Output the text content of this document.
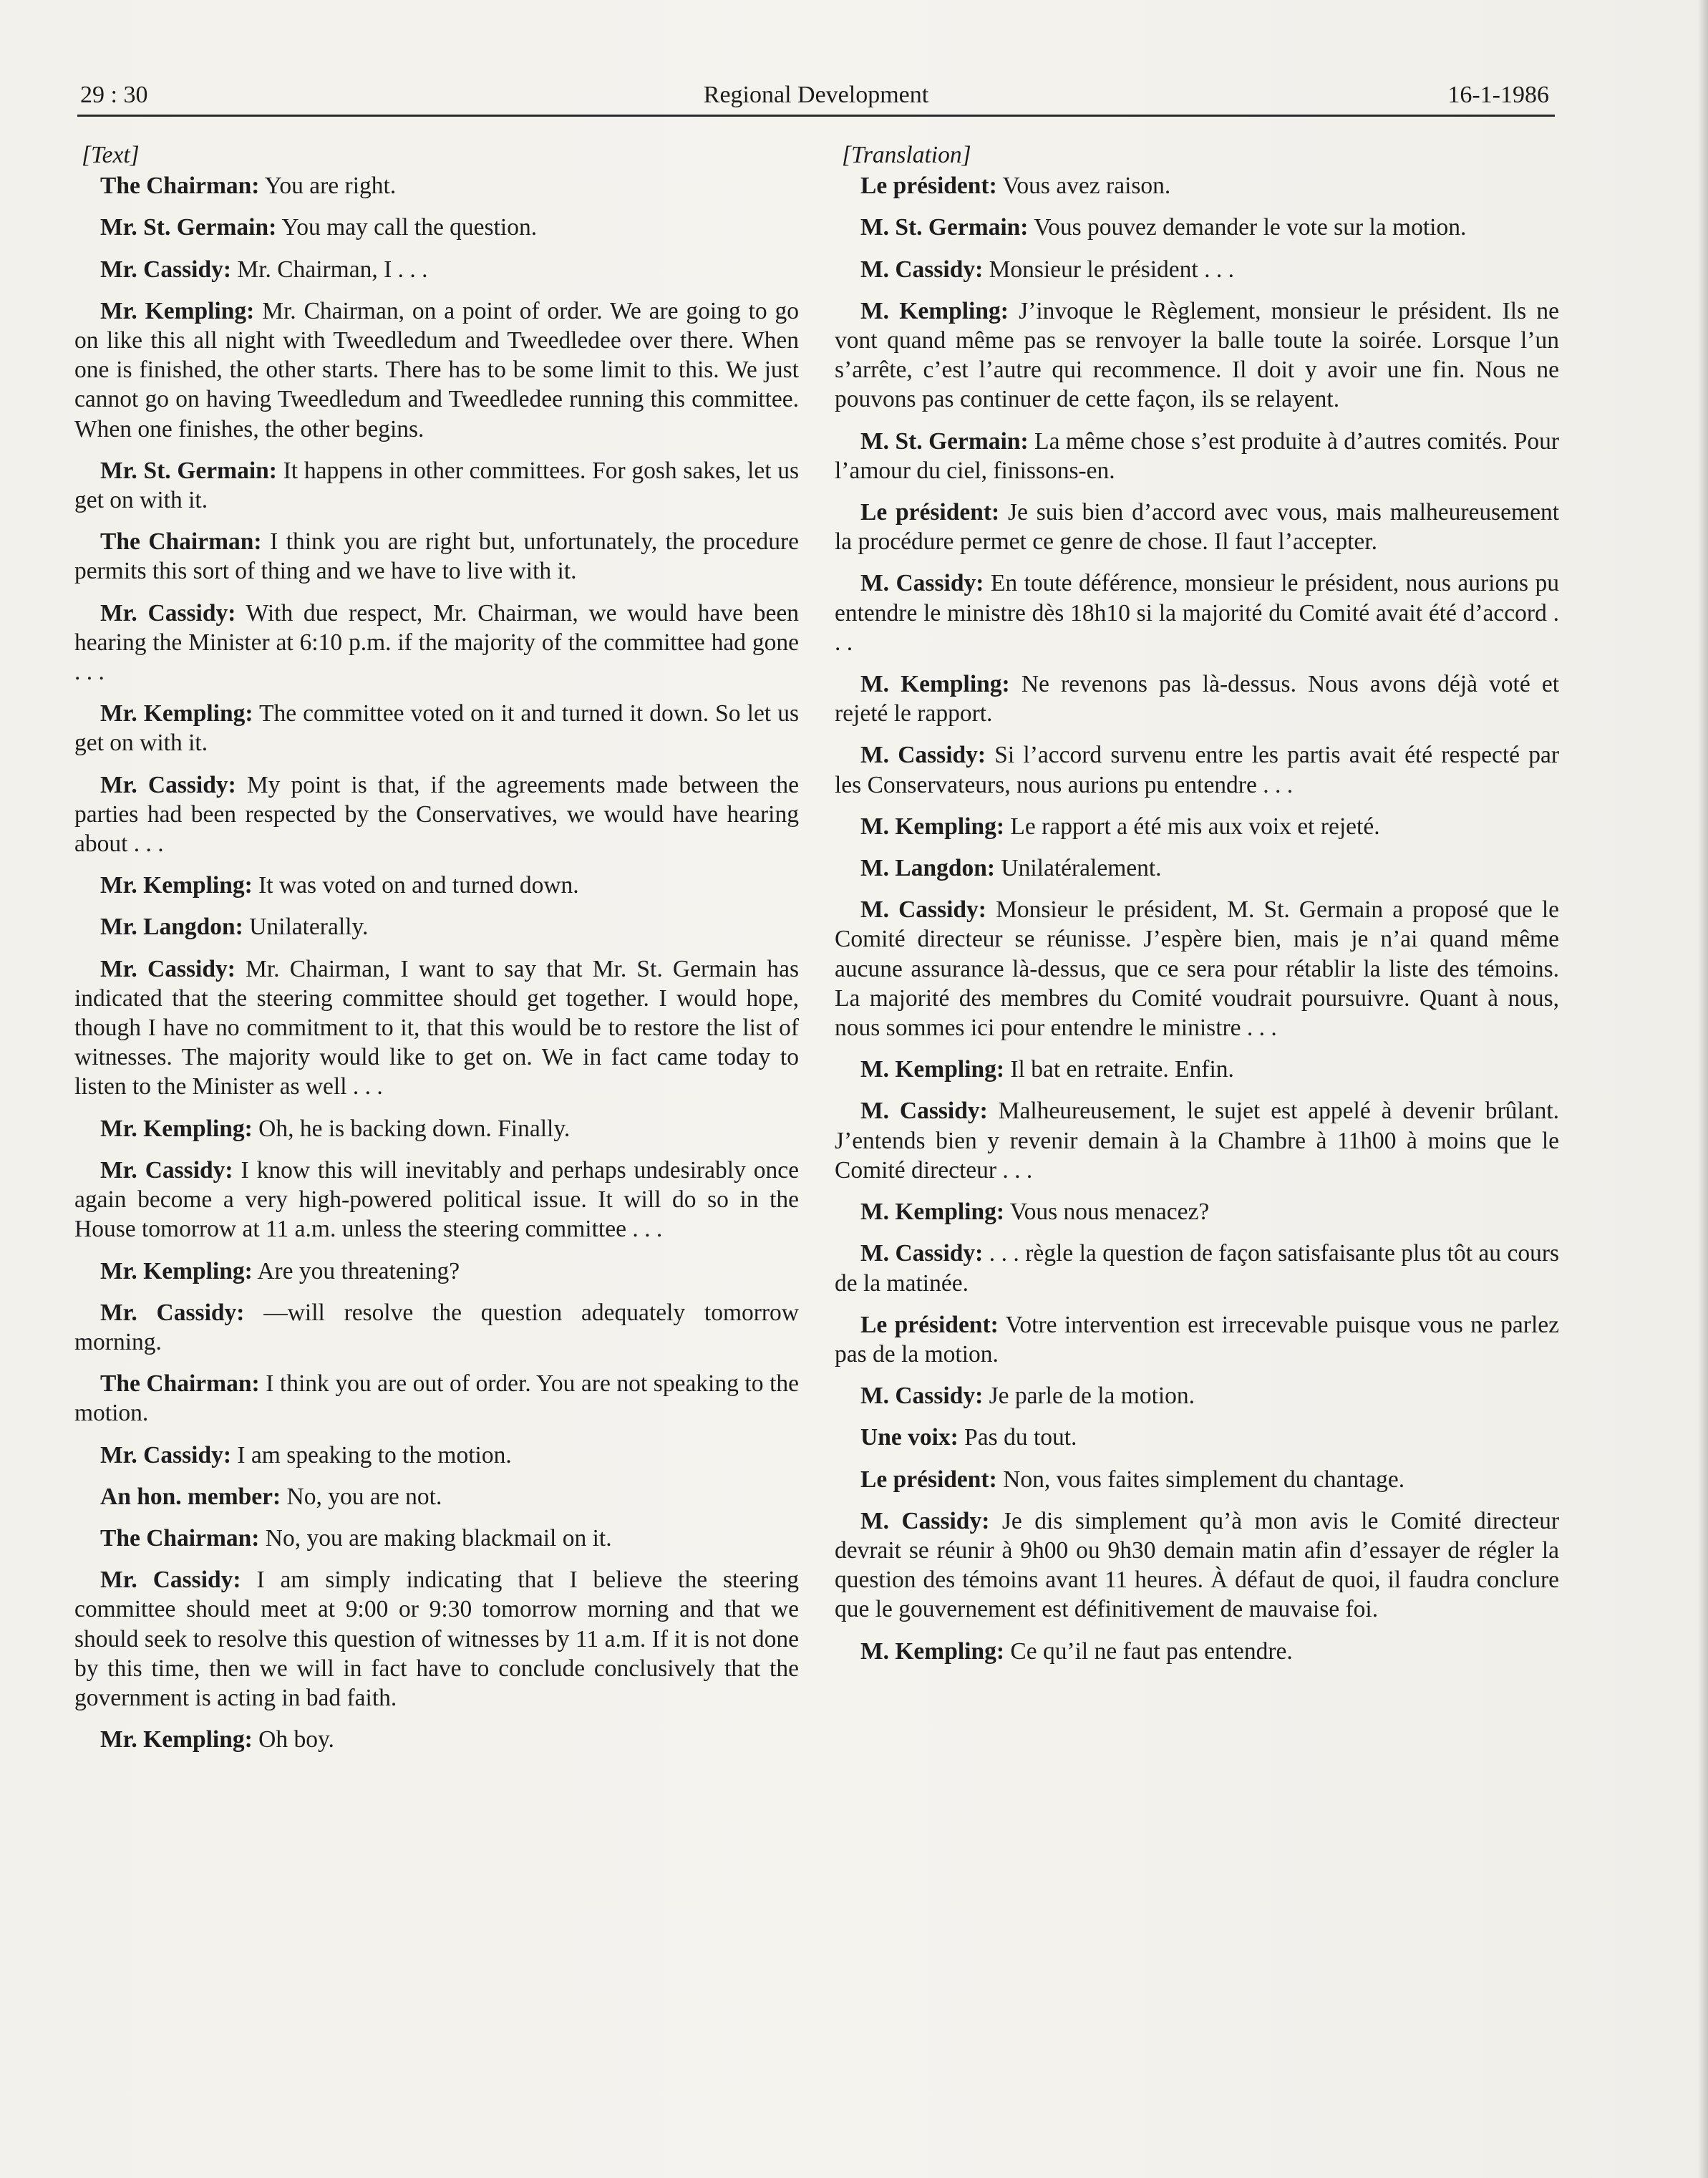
29 : 30	Regional Development	16-1-1986

[Text]

The Chairman: You are right.

Mr. St. Germain: You may call the question.

Mr. Cassidy: Mr. Chairman, I . . .

Mr. Kempling: Mr. Chairman, on a point of order. We are going to go on like this all night with Tweedledum and Tweedledee over there. When one is finished, the other starts. There has to be some limit to this. We just cannot go on having Tweedledum and Tweedledee running this committee. When one finishes, the other begins.

Mr. St. Germain: It happens in other committees. For gosh sakes, let us get on with it.

The Chairman: I think you are right but, unfortunately, the procedure permits this sort of thing and we have to live with it.

Mr. Cassidy: With due respect, Mr. Chairman, we would have been hearing the Minister at 6:10 p.m. if the majority of the committee had gone . . .

Mr. Kempling: The committee voted on it and turned it down. So let us get on with it.

Mr. Cassidy: My point is that, if the agreements made between the parties had been respected by the Conservatives, we would have hearing about . . .

Mr. Kempling: It was voted on and turned down.

Mr. Langdon: Unilaterally.

Mr. Cassidy: Mr. Chairman, I want to say that Mr. St. Germain has indicated that the steering committee should get together. I would hope, though I have no commitment to it, that this would be to restore the list of witnesses. The majority would like to get on. We in fact came today to listen to the Minister as well . . .

Mr. Kempling: Oh, he is backing down. Finally.

Mr. Cassidy: I know this will inevitably and perhaps undesirably once again become a very high-powered political issue. It will do so in the House tomorrow at 11 a.m. unless the steering committee . . .

Mr. Kempling: Are you threatening?

Mr. Cassidy: —will resolve the question adequately tomorrow morning.

The Chairman: I think you are out of order. You are not speaking to the motion.

Mr. Cassidy: I am speaking to the motion.

An hon. member: No, you are not.

The Chairman: No, you are making blackmail on it.

Mr. Cassidy: I am simply indicating that I believe the steering committee should meet at 9:00 or 9:30 tomorrow morning and that we should seek to resolve this question of witnesses by 11 a.m. If it is not done by this time, then we will in fact have to conclude conclusively that the government is acting in bad faith.

Mr. Kempling: Oh boy.

[Translation]

Le président: Vous avez raison.

M. St. Germain: Vous pouvez demander le vote sur la motion.

M. Cassidy: Monsieur le président . . .

M. Kempling: J’invoque le Règlement, monsieur le président. Ils ne vont quand même pas se renvoyer la balle toute la soirée. Lorsque l’un s’arrête, c’est l’autre qui recommence. Il doit y avoir une fin. Nous ne pouvons pas continuer de cette façon, ils se relayent.

M. St. Germain: La même chose s’est produite à d’autres comités. Pour l’amour du ciel, finissons-en.

Le président: Je suis bien d’accord avec vous, mais malheureusement la procédure permet ce genre de chose. Il faut l’accepter.

M. Cassidy: En toute déférence, monsieur le président, nous aurions pu entendre le ministre dès 18h10 si la majorité du Comité avait été d’accord . . .

M. Kempling: Ne revenons pas là-dessus. Nous avons déjà voté et rejeté le rapport.

M. Cassidy: Si l’accord survenu entre les partis avait été respecté par les Conservateurs, nous aurions pu entendre . . .

M. Kempling: Le rapport a été mis aux voix et rejeté.

M. Langdon: Unilatéralement.

M. Cassidy: Monsieur le président, M. St. Germain a proposé que le Comité directeur se réunisse. J’espère bien, mais je n’ai quand même aucune assurance là-dessus, que ce sera pour rétablir la liste des témoins. La majorité des membres du Comité voudrait poursuivre. Quant à nous, nous sommes ici pour entendre le ministre . . .

M. Kempling: Il bat en retraite. Enfin.

M. Cassidy: Malheureusement, le sujet est appelé à devenir brûlant. J’entends bien y revenir demain à la Chambre à 11h00 à moins que le Comité directeur . . .

M. Kempling: Vous nous menacez?

M. Cassidy: . . . règle la question de façon satisfaisante plus tôt au cours de la matinée.

Le président: Votre intervention est irrecevable puisque vous ne parlez pas de la motion.

M. Cassidy: Je parle de la motion.

Une voix: Pas du tout.

Le président: Non, vous faites simplement du chantage.

M. Cassidy: Je dis simplement qu’à mon avis le Comité directeur devrait se réunir à 9h00 ou 9h30 demain matin afin d’essayer de régler la question des témoins avant 11 heures. À défaut de quoi, il faudra conclure que le gouvernement est définitivement de mauvaise foi.

M. Kempling: Ce qu’il ne faut pas entendre.
